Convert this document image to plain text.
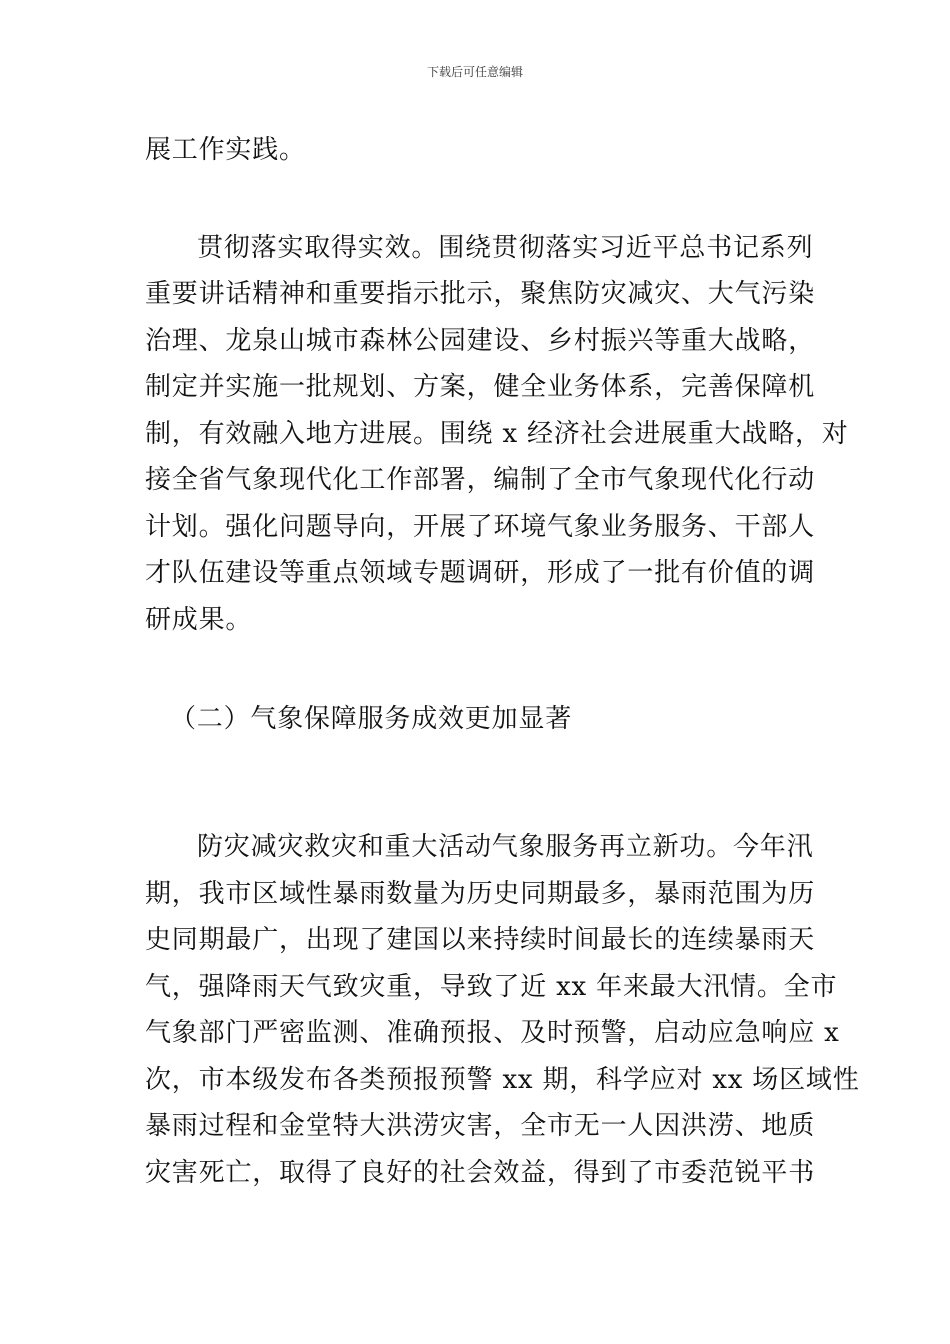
下载后可任意编辑
展工作实践。
贯彻落实取得实效。围绕贯彻落实习近平总书记系列
重要讲话精神和重要指示批示，聚焦防灾减灾、大气污染
治理、龙泉山城市森林公园建设、乡村振兴等重大战略，
制定并实施一批规划、方案，健全业务体系，完善保障机
制，有效融入地方进展。围绕 x 经济社会进展重大战略，对
接全省气象现代化工作部署，编制了全市气象现代化行动
计划。强化问题导向，开展了环境气象业务服务、干部人
才队伍建设等重点领域专题调研，形成了一批有价值的调
研成果。
（二）气象保障服务成效更加显著
防灾减灾救灾和重大活动气象服务再立新功。今年汛
期，我市区域性暴雨数量为历史同期最多，暴雨范围为历
史同期最广，出现了建国以来持续时间最长的连续暴雨天
气，强降雨天气致灾重，导致了近 xx 年来最大汛情。全市
气象部门严密监测、准确预报、及时预警，启动应急响应 x
次，市本级发布各类预报预警 xx 期，科学应对 xx 场区域性
暴雨过程和金堂特大洪涝灾害，全市无一人因洪涝、地质
灾害死亡，取得了良好的社会效益，得到了市委范锐平书
